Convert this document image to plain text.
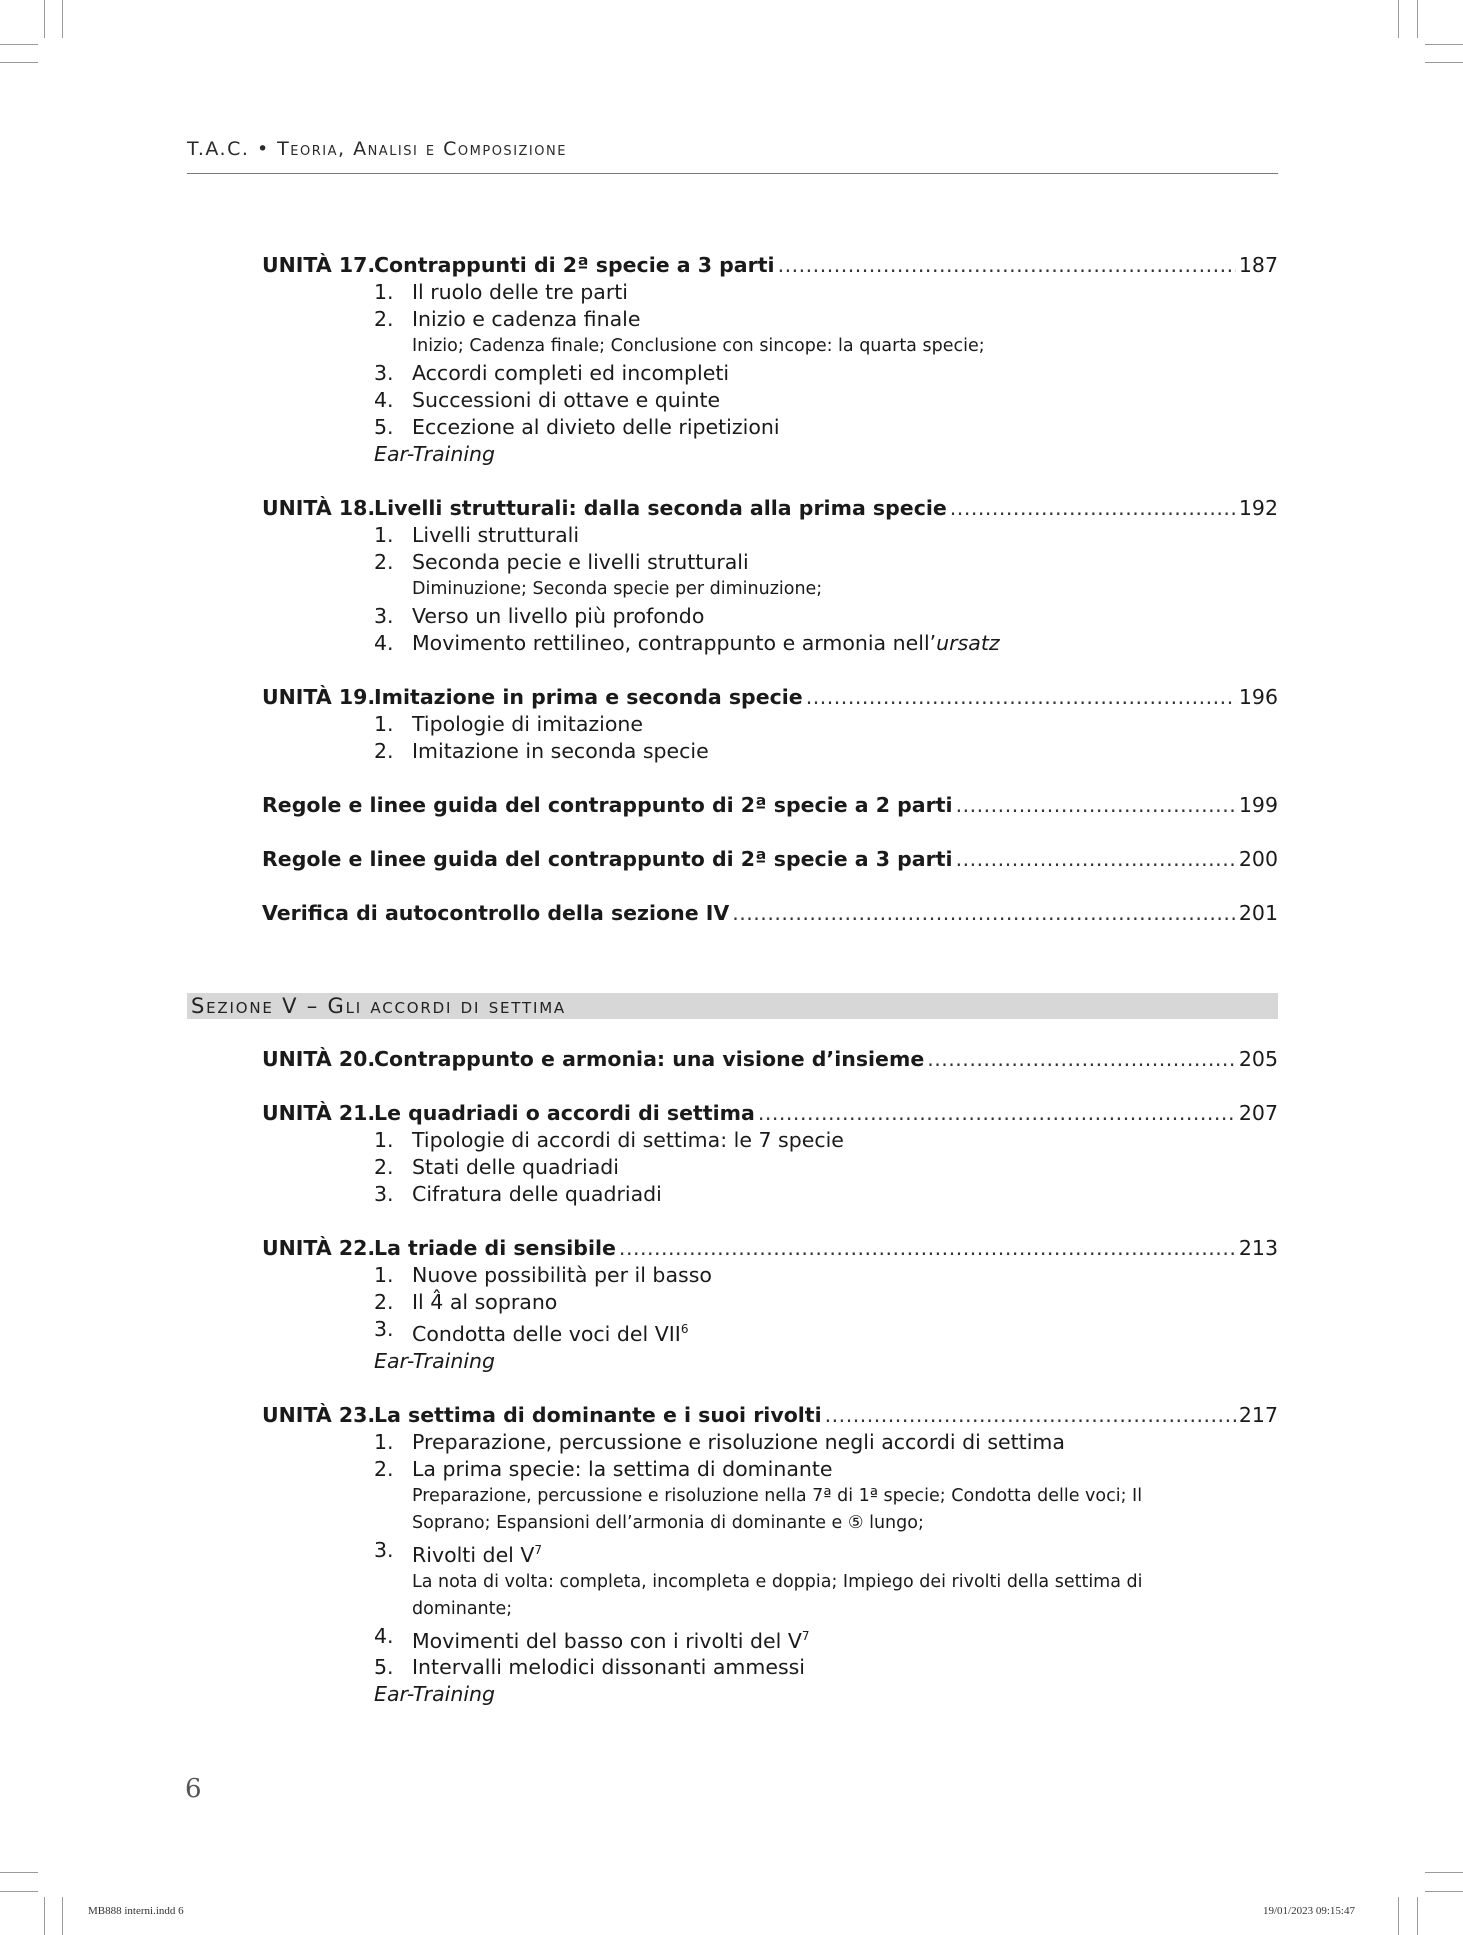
T.A.C. • Teoria, Analisi e Composizione
UNITÀ 17.
Contrappunti di 2ª specie a 3 parti .....	187
1. Il ruolo delle tre parti
2. Inizio e cadenza finale

Inizio; Cadenza finale; Conclusione con sincope: la quarta specie;

3. Accordi completi ed incompleti
4. Successioni di ottave e quinte
5. Eccezione al divieto delle ripetizioni
Ear-Training
UNITÀ 18.
Livelli strutturali: dalla seconda alla prima specie .....	192
1. Livelli strutturali
2. Seconda pecie e livelli strutturali

Diminuzione; Seconda specie per diminuzione;

3. Verso un livello più profondo
4. Movimento rettilineo, contrappunto e armonia nell’ursatz
UNITÀ 19.
Imitazione in prima e seconda specie .....	196
1. Tipologie di imitazione
2. Imitazione in seconda specie
Regole e linee guida del contrappunto di 2ª specie a 2 parti .....	199
Regole e linee guida del contrappunto di 2ª specie a 3 parti .....	200
Verifica di autocontrollo della sezione IV .....	201
Sezione V – Gli accordi di settima
UNITÀ 20.
Contrappunto e armonia: una visione d’insieme .....	205
UNITÀ 21.
Le quadriadi o accordi di settima .....	207
1. Tipologie di accordi di settima: le 7 specie
2. Stati delle quadriadi
3. Cifratura delle quadriadi
UNITÀ 22.
La triade di sensibile .....	213
1. Nuove possibilità per il basso
2. Il 4̂ al soprano
3. Condotta delle voci del VII$^6$
Ear-Training
UNITÀ 23.
La settima di dominante e i suoi rivolti .....	217
1. Preparazione, percussione e risoluzione negli accordi di settima
2. La prima specie: la settima di dominante

Preparazione, percussione e risoluzione nella 7ª di 1ª specie; Condotta delle voci; Il Soprano; Espansioni dell’armonia di dominante e ⑤ lungo;

3. Rivolti del $V^7$

La nota di volta: completa, incompleta e doppia; Impiego dei rivolti della settima di dominante;

4. Movimenti del basso con i rivolti del $V^7$
5. Intervalli melodici dissonanti ammessi
Ear-Training
6
MB888 interni.indd 6	19/01/2023 09:15:47
